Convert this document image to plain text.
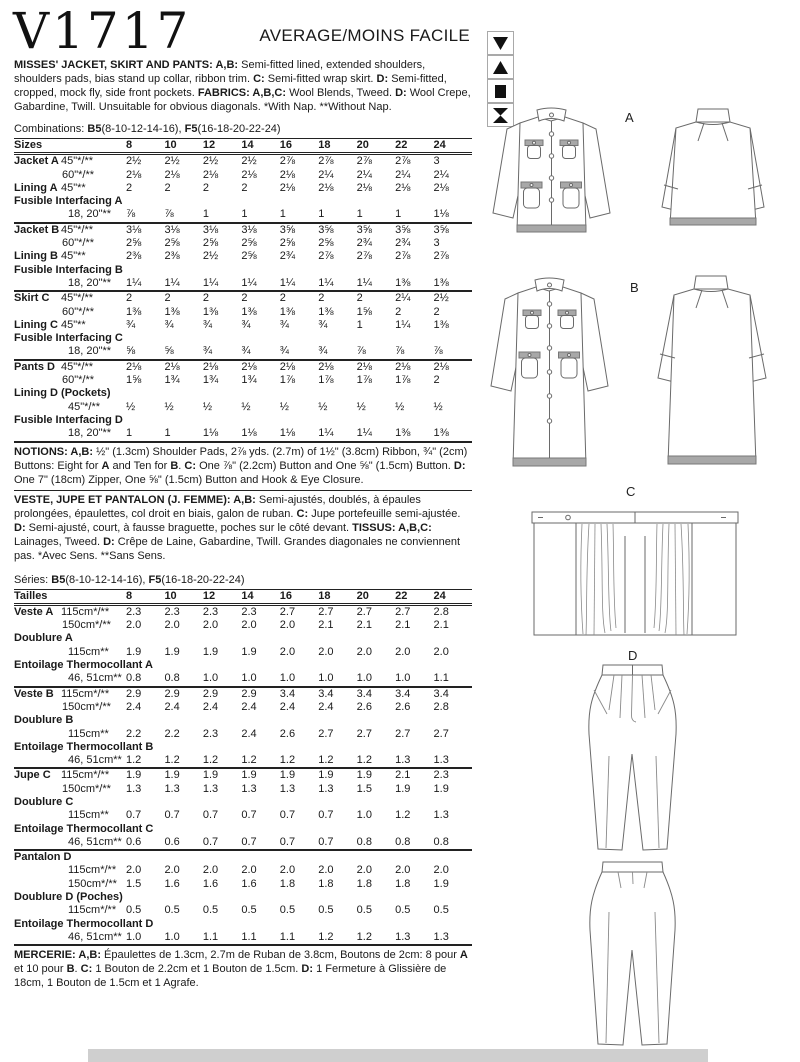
V1717	AVERAGE/MOINS FACILE
MISSES' JACKET, SKIRT AND PANTS: A,B: Semi-fitted lined, extended shoulders, shoulders pads, bias stand up collar, ribbon trim. C: Semi-fitted wrap skirt. D: Semi-fitted, cropped, mock fly, side front pockets. FABRICS: A,B,C: Wool Blends, Tweed. D: Wool Crepe, Gabardine, Twill. Unsuitable for obvious diagonals. *With Nap. **Without Nap.
Combinations: B5(8-10-12-14-16), F5(16-18-20-22-24)
Sizes	8	10	12	14	16	18	20	22	24
Jacket A 45"*/**	2½	2½	2½	2½	2⅞	2⅞	2⅞	2⅞	3
60"*/**	2⅛	2⅛	2⅛	2⅛	2⅛	2¼	2¼	2¼	2¼
Lining A 45"**	2	2	2	2	2⅛	2⅛	2⅛	2⅛	2⅛
Fusible Interfacing A
18, 20"**	⅞	⅞	1	1	1	1	1	1	1⅛
Jacket B 45"*/**	3⅛	3⅛	3⅛	3⅛	3⅝	3⅝	3⅝	3⅝	3⅝
60"*/**	2⅝	2⅝	2⅝	2⅝	2⅝	2⅝	2¾	2¾	3
Lining B 45"**	2⅜	2⅜	2½	2⅝	2¾	2⅞	2⅞	2⅞	2⅞
Fusible Interfacing B
18, 20"**	1¼	1¼	1¼	1¼	1¼	1¼	1¼	1⅜	1⅜
Skirt C 45"*/**	2	2	2	2	2	2	2	2¼	2½
60"*/**	1⅜	1⅜	1⅜	1⅜	1⅜	1⅜	1⅝	2	2
Lining C 45"**	¾	¾	¾	¾	¾	¾	1	1¼	1⅜
Fusible Interfacing C
18, 20"**	⅝	⅝	¾	¾	¾	¾	⅞	⅞	⅞
Pants D 45"*/**	2⅛	2⅛	2⅛	2⅛	2⅛	2⅛	2⅛	2⅛	2⅛
60"*/**	1⅝	1¾	1¾	1¾	1⅞	1⅞	1⅞	1⅞	2
Lining D (Pockets)
45"*/**	½	½	½	½	½	½	½	½	½
Fusible Interfacing D
18, 20"**	1	1	1⅛	1⅛	1⅛	1¼	1¼	1⅜	1⅜
NOTIONS: A,B: ½" (1.3cm) Shoulder Pads, 2⅞ yds. (2.7m) of 1½" (3.8cm) Ribbon, ¾" (2cm) Buttons: Eight for A and Ten for B. C: One ⅞" (2.2cm) Button and One ⅝" (1.5cm) Button. D: One 7" (18cm) Zipper, One ⅝" (1.5cm) Button and Hook & Eye Closure.
VESTE, JUPE ET PANTALON (J. FEMME): A,B: Semi-ajustés, doublés, à épaules prolongées, épaulettes, col droit en biais, galon de ruban. C: Jupe portefeuille semi-ajustée. D: Semi-ajusté, court, à fausse braguette, poches sur le côté devant. TISSUS: A,B,C: Lainages, Tweed. D: Crêpe de Laine, Gabardine, Twill. Grandes diagonales ne conviennent pas. *Avec Sens. **Sans Sens.
Séries: B5(8-10-12-14-16), F5(16-18-20-22-24)
Tailles	8	10	12	14	16	18	20	22	24
Veste A 115cm*/**	2.3	2.3	2.3	2.3	2.7	2.7	2.7	2.7	2.8
150cm*/**	2.0	2.0	2.0	2.0	2.0	2.1	2.1	2.1	2.1
Doublure A
115cm**	1.9	1.9	1.9	1.9	2.0	2.0	2.0	2.0	2.0
Entoilage Thermocollant A
46, 51cm** 0.8	0.8	1.0	1.0	1.0	1.0	1.0	1.0	1.1
Veste B 115cm*/**	2.9	2.9	2.9	2.9	3.4	3.4	3.4	3.4	3.4
150cm*/**	2.4	2.4	2.4	2.4	2.4	2.4	2.6	2.6	2.8
Doublure B
115cm**	2.2	2.2	2.3	2.4	2.6	2.7	2.7	2.7	2.7
Entoilage Thermocollant B
46, 51cm** 1.2	1.2	1.2	1.2	1.2	1.2	1.2	1.3	1.3
Jupe C 115cm*/**	1.9	1.9	1.9	1.9	1.9	1.9	1.9	2.1	2.3
150cm*/**	1.3	1.3	1.3	1.3	1.3	1.3	1.5	1.9	1.9
Doublure C
115cm**	0.7	0.7	0.7	0.7	0.7	0.7	1.0	1.2	1.3
Entoilage Thermocollant C
46, 51cm** 0.6	0.6	0.7	0.7	0.7	0.7	0.8	0.8	0.8
Pantalon D
115cm*/** 2.0	2.0	2.0	2.0	2.0	2.0	2.0	2.0	2.0
150cm*/** 1.5	1.6	1.6	1.6	1.8	1.8	1.8	1.8	1.9
Doublure D (Poches)
115cm*/** 0.5	0.5	0.5	0.5	0.5	0.5	0.5	0.5	0.5
Entoilage Thermocollant D
46, 51cm** 1.0	1.0	1.1	1.1	1.1	1.2	1.2	1.3	1.3
MERCERIE: A,B: Épaulettes de 1.3cm, 2.7m de Ruban de 3.8cm, Boutons de 2cm: 8 pour A et 10 pour B. C: 1 Bouton de 2.2cm et 1 Bouton de 1.5cm. D: 1 Fermeture à Glissière de 18cm, 1 Bouton de 1.5cm et 1 Agrafe.
A
B
C
D
